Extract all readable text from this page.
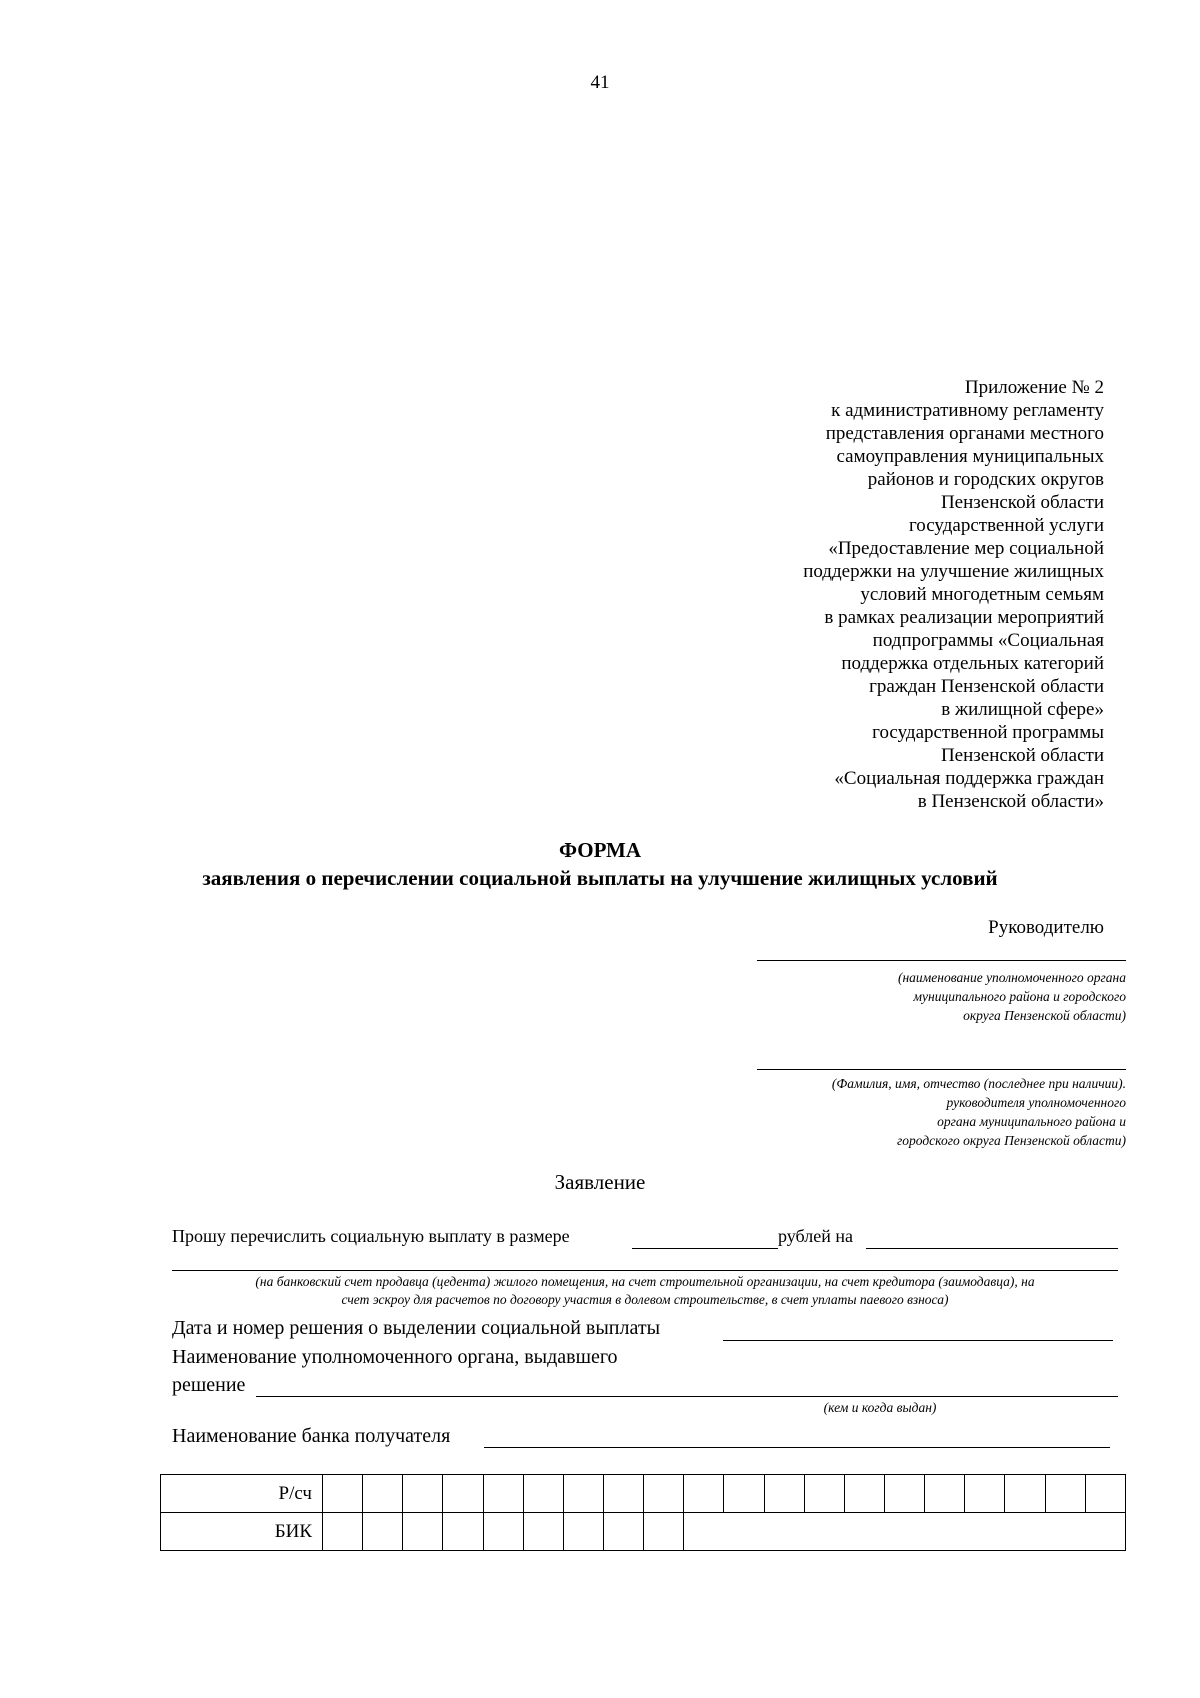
41
Приложение № 2
к административному регламенту
представления органами местного
самоуправления муниципальных
районов и городских округов
Пензенской области
государственной услуги
«Предоставление мер социальной
поддержки на улучшение жилищных
условий многодетным семьям
в рамках реализации мероприятий
подпрограммы «Социальная
поддержка отдельных категорий
граждан Пензенской области
в жилищной сфере»
государственной программы
Пензенской области
«Социальная поддержка граждан
в Пензенской области»
ФОРМА
заявления о перечислении социальной выплаты на улучшение жилищных условий
Руководителю
(наименование уполномоченного органа
муниципального района и городского
округа Пензенской области)
(Фамилия, имя, отчество (последнее при наличии).
руководителя уполномоченного
органа муниципального района и
городского округа Пензенской области)
Заявление
Прошу перечислить социальную выплату в размере	рублей на
(на банковский счет продавца (цедента) жилого помещения, на счет строительной организации, на счет кредитора (заимодавца), на
счет эскроу для расчетов по договору участия в долевом строительстве, в счет уплаты паевого взноса)
Дата и номер решения о выделении социальной выплаты
Наименование уполномоченного органа, выдавшего
решение
(кем и когда выдан)
Наименование банка получателя
Р/сч																				
БИК																				
